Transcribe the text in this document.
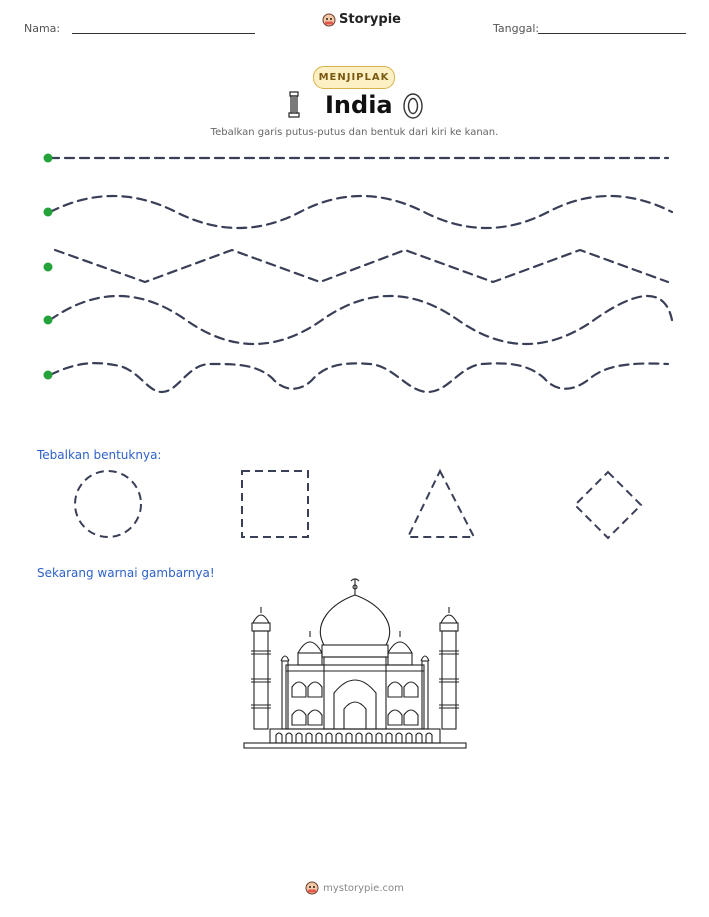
Nama:
Storypie
Tanggal:
MENJIPLAK
India
Tebalkan garis putus-putus dan bentuk dari kiri ke kanan.
Tebalkan bentuknya:
Sekarang warnai gambarnya!
mystorypie.com
